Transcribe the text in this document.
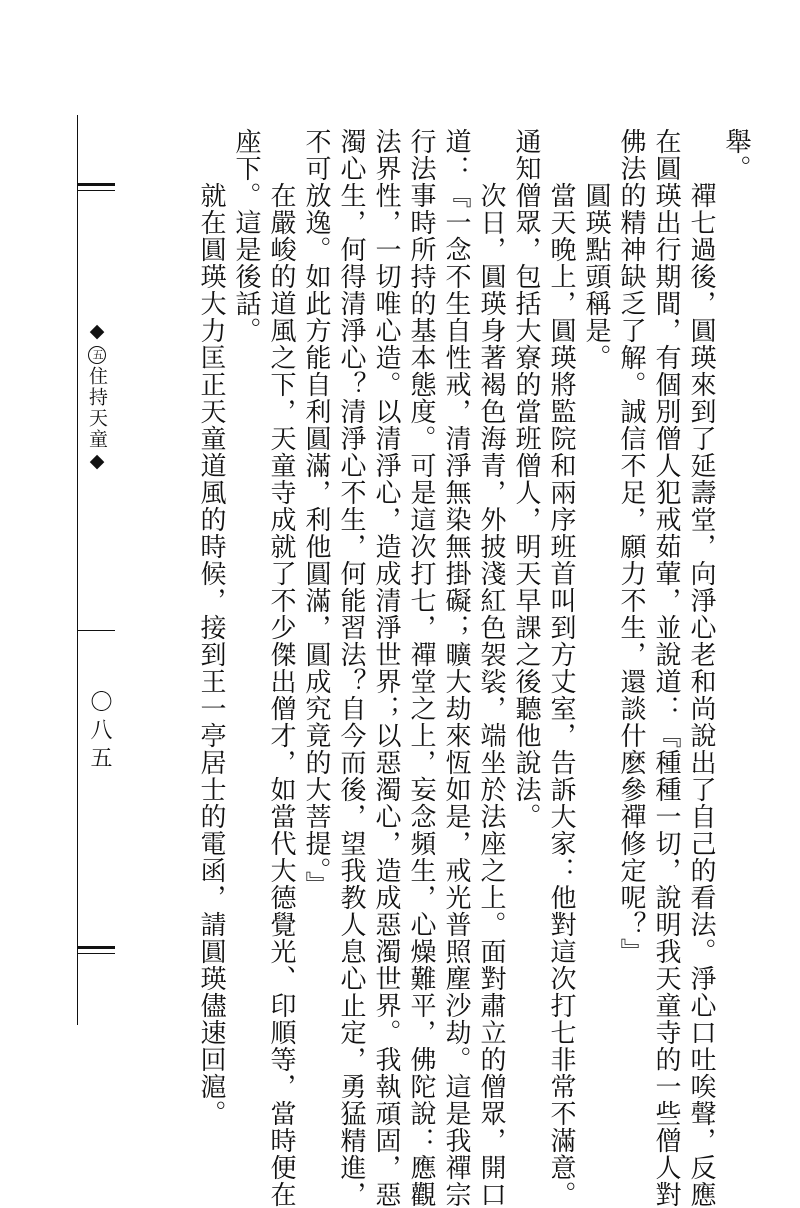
◆五住持天童◆
〇八五
舉。
　　禪七過後，圓瑛來到了延壽堂，向淨心老和尚說出了自己的看法。淨心口吐唉聲，反應
在圓瑛出行期間，有個別僧人犯戒茹葷，並說道：『種種一切，說明我天童寺的一些僧人對
佛法的精神缺乏了解。誠信不足，願力不生，還談什麽參禪修定呢？』
　　圓瑛點頭稱是。
　　當天晚上，圓瑛將監院和兩序班首叫到方丈室，告訴大家：他對這次打七非常不滿意。
通知僧眾，包括大寮的當班僧人，明天早課之後聽他說法。
　　次日，圓瑛身著褐色海青，外披淺紅色袈裟，端坐於法座之上。面對肅立的僧眾，開口
道：『一念不生自性戒，清淨無染無掛礙；曠大劫來恆如是，戒光普照塵沙劫。這是我禪宗
行法事時所持的基本態度。可是這次打七，禪堂之上，妄念頻生，心燥難平，佛陀說：應觀
法界性，一切唯心造。以清淨心，造成清淨世界；以惡濁心，造成惡濁世界。我執頑固，惡
濁心生，何得清淨心？清淨心不生，何能習法？自今而後，望我教人息心止定，勇猛精進，
不可放逸。如此方能自利圓滿，利他圓滿，圓成究竟的大菩提。』
　　在嚴峻的道風之下，天童寺成就了不少傑出僧才，如當代大德覺光、印順等，當時便在
座下。這是後話。
　　就在圓瑛大力匡正天童道風的時候，接到王一亭居士的電函，請圓瑛儘速回滬。
